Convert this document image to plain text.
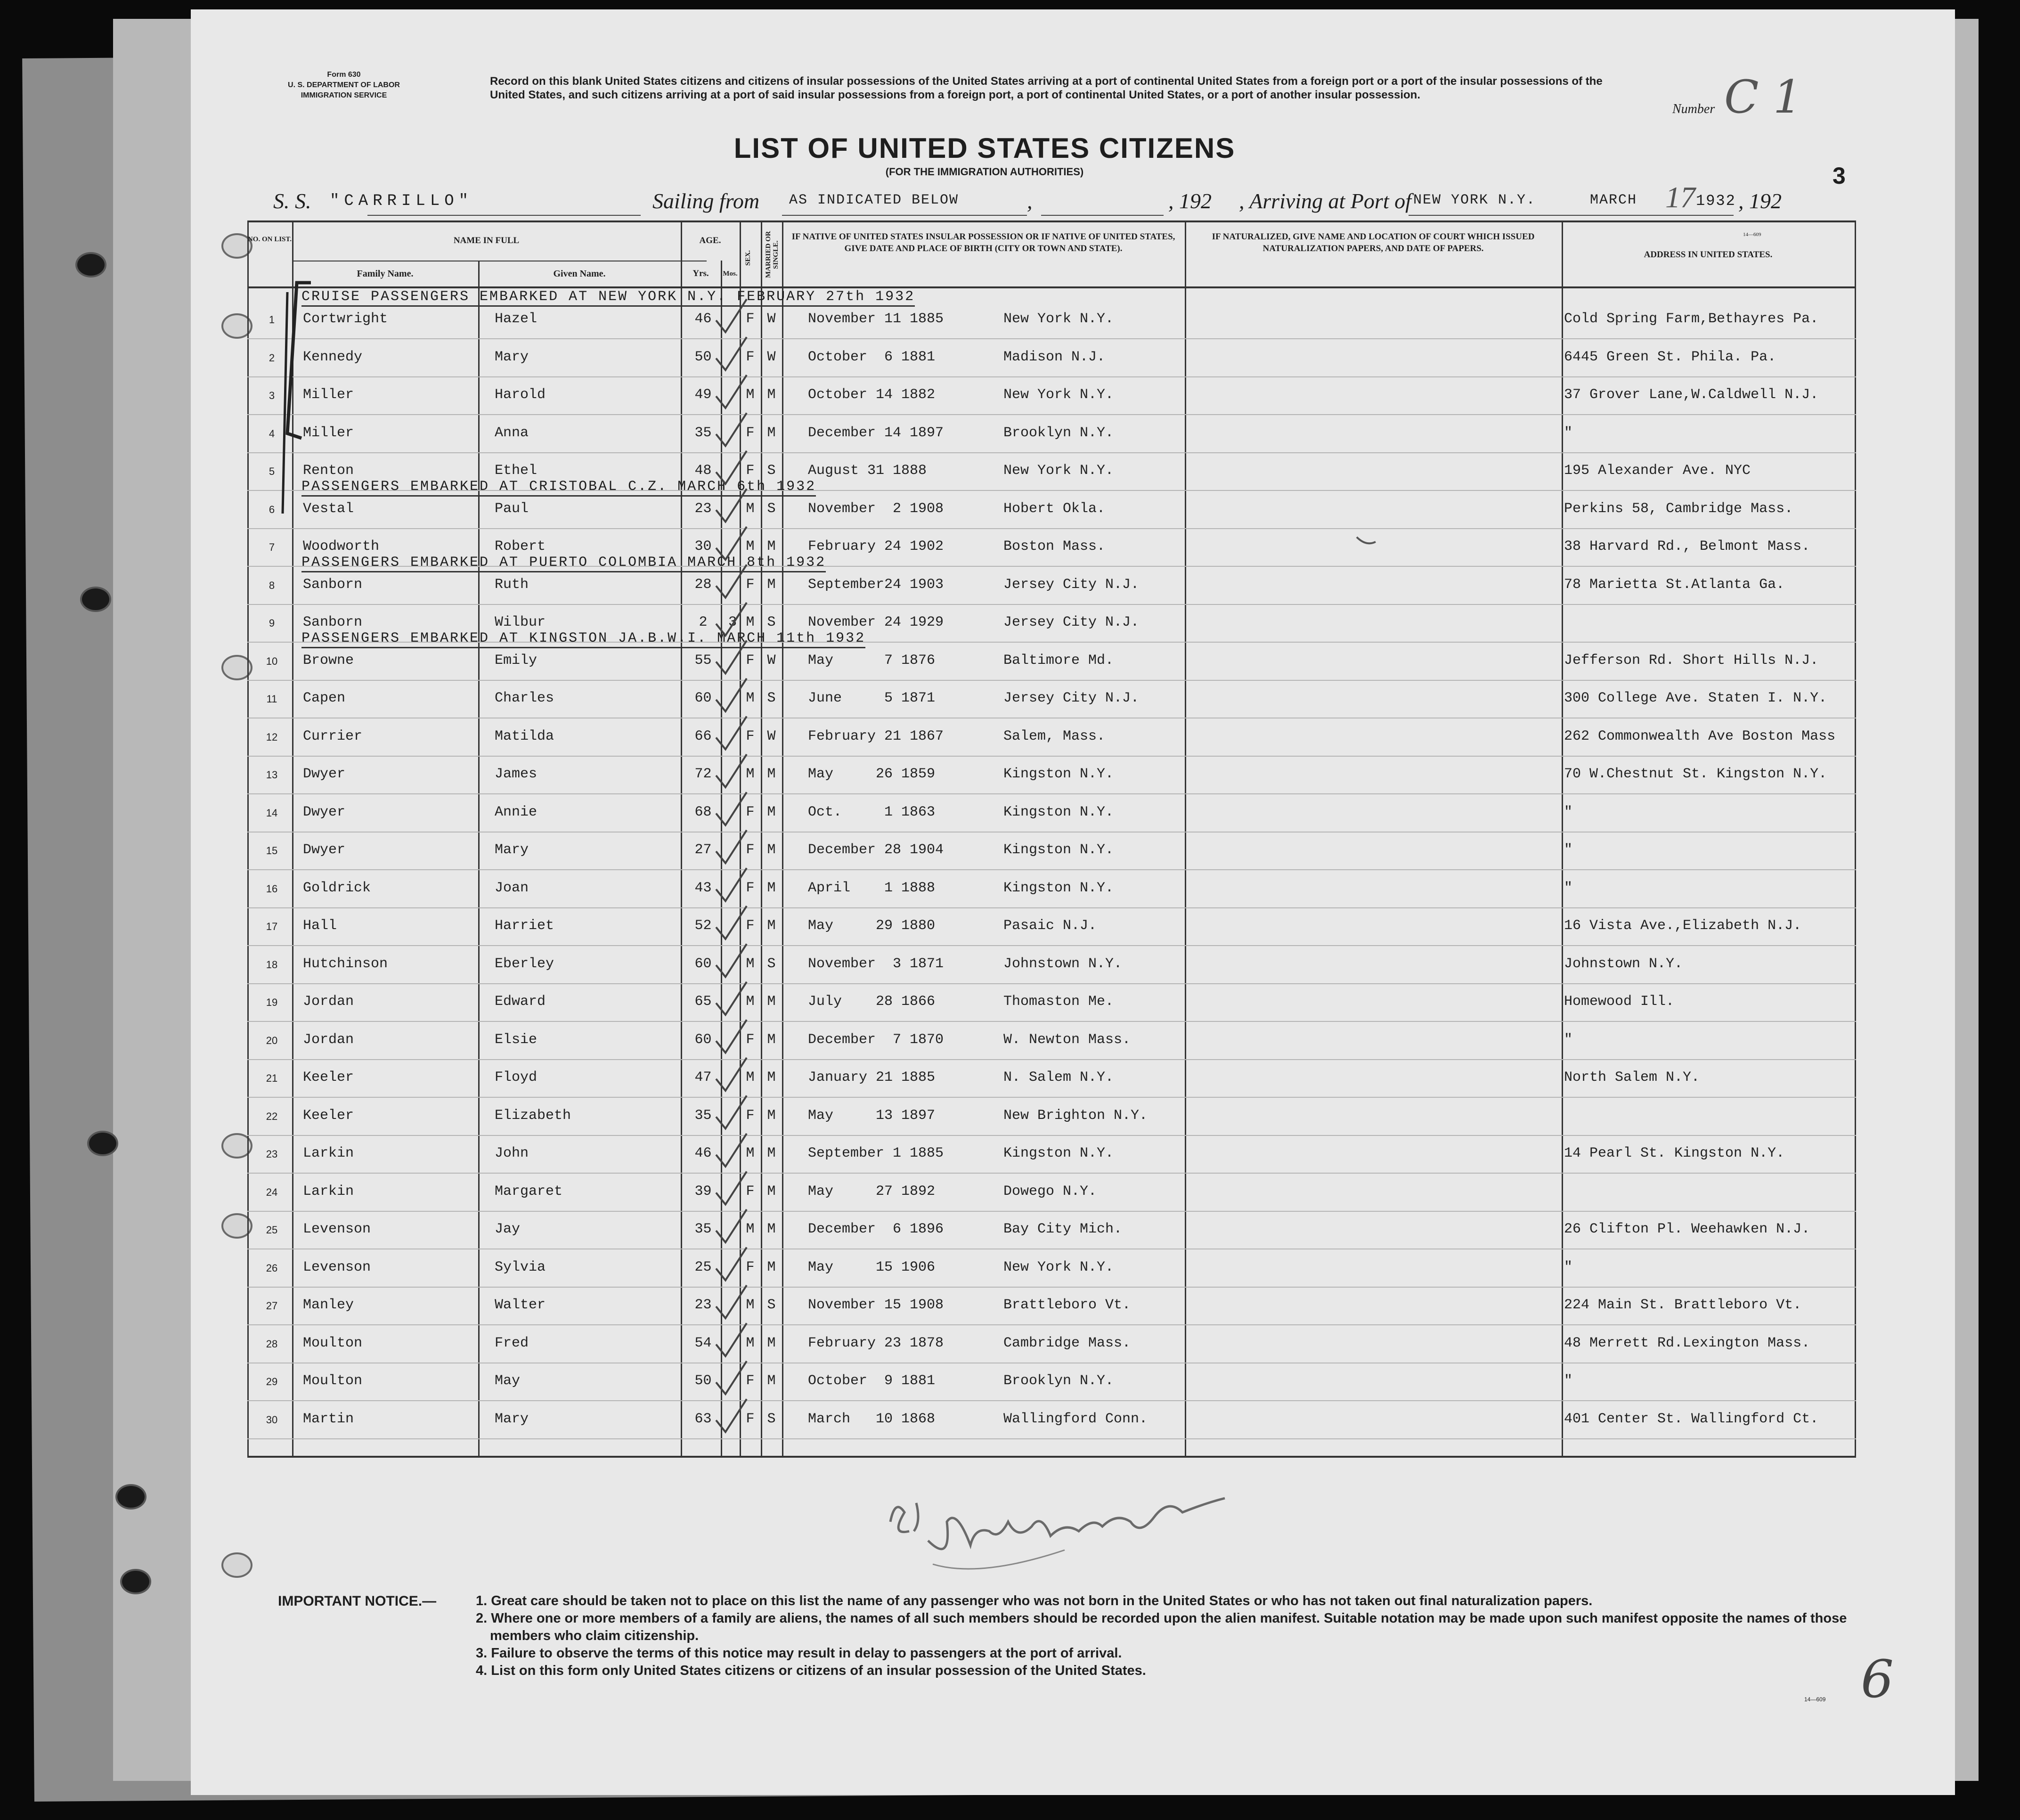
Form 630
U. S. DEPARTMENT OF LABOR
IMMIGRATION SERVICE
Record on this blank United States citizens and citizens of insular possessions of the United States arriving at a port of continental United States from a foreign port or a port of the insular possessions of the United States, and such citizens arriving at a port of said insular possessions from a foreign port, a port of continental United States, or a port of another insular possession.
Number C 1
LIST OF UNITED STATES CITIZENS
(FOR THE IMMIGRATION AUTHORITIES)	3
S. S. "CARRILLO"	Sailing from AS INDICATED BELOW	,	, 192 , Arriving at Port of NEW YORK N.Y.	MARCH 17 1932 , 192
14—609
NO. ON LIST.	NAME IN FULL
Family Name.	Given Name.
AGE.
Yrs.	Mos.
SEX.	MARRIED OR SINGLE.
IF NATIVE OF UNITED STATES INSULAR POSSESSION OR IF NATIVE OF UNITED STATES, GIVE DATE AND PLACE OF BIRTH (CITY OR TOWN AND STATE).
IF NATURALIZED, GIVE NAME AND LOCATION OF COURT WHICH ISSUED NATURALIZATION PAPERS, AND DATE OF PAPERS.
ADDRESS IN UNITED STATES.
1	Cortwright	Hazel	46	F W	November 11 1885	New York N.Y.	Cold Spring Farm,Bethayres Pa.
2	Kennedy	Mary	50	F W	October  6 1881	Madison N.J.	6445 Green St. Phila. Pa.
3	Miller	Harold	49	M M	October 14 1882	New York N.Y.	37 Grover Lane,W.Caldwell N.J.
4	Miller	Anna	35	F M	December 14 1897	Brooklyn N.Y.	"
5	Renton	Ethel	48	F S	August 31 1888	New York N.Y.	195 Alexander Ave. NYC
6	Vestal	Paul	23	M S	November  2 1908	Hobert Okla.	Perkins 58, Cambridge Mass.
7	Woodworth	Robert	30	M M	February 24 1902	Boston Mass.	38 Harvard Rd., Belmont Mass.
8	Sanborn	Ruth	28	F M	September24 1903	Jersey City N.J.	78 Marietta St.Atlanta Ga.
9	Sanborn	Wilbur	2	3 M S	November 24 1929	Jersey City N.J.
10	Browne	Emily	55	F W	May      7 1876	Baltimore Md.	Jefferson Rd. Short Hills N.J.
11	Capen	Charles	60	M S	June     5 1871	Jersey City N.J.	300 College Ave. Staten I. N.Y.
12	Currier	Matilda	66	F W	February 21 1867	Salem, Mass.	262 Commonwealth Ave Boston Mass
13	Dwyer	James	72	M M	May     26 1859	Kingston N.Y.	70 W.Chestnut St. Kingston N.Y.
14	Dwyer	Annie	68	F M	Oct.     1 1863	Kingston N.Y.	"
15	Dwyer	Mary	27	F M	December 28 1904	Kingston N.Y.	"
16	Goldrick	Joan	43	F M	April    1 1888	Kingston N.Y.	"
17	Hall	Harriet	52	F M	May     29 1880	Pasaic N.J.	16 Vista Ave.,Elizabeth N.J.
18	Hutchinson	Eberley	60	M S	November  3 1871	Johnstown N.Y.	Johnstown N.Y.
19	Jordan	Edward	65	M M	July    28 1866	Thomaston Me.	Homewood Ill.
20	Jordan	Elsie	60	F M	December  7 1870	W. Newton Mass.	"
21	Keeler	Floyd	47	M M	January 21 1885	N. Salem N.Y.	North Salem N.Y.
22	Keeler	Elizabeth	35	F M	May     13 1897	New Brighton N.Y.
23	Larkin	John	46	M M	September 1 1885	Kingston N.Y.	14 Pearl St. Kingston N.Y.
24	Larkin	Margaret	39	F M	May     27 1892	Dowego N.Y.
25	Levenson	Jay	35	M M	December  6 1896	Bay City Mich.	26 Clifton Pl. Weehawken N.J.
26	Levenson	Sylvia	25	F M	May     15 1906	New York N.Y.	"
27	Manley	Walter	23	M S	November 15 1908	Brattleboro Vt.	224 Main St. Brattleboro Vt.
28	Moulton	Fred	54	M M	February 23 1878	Cambridge Mass.	48 Merrett Rd.Lexington Mass.
29	Moulton	May	50	F M	October  9 1881	Brooklyn N.Y.	"
30	Martin	Mary	63	F S	March   10 1868	Wallingford Conn.	401 Center St. Wallingford Ct.
CRUISE PASSENGERS EMBARKED AT NEW YORK N.Y. FEBRUARY 27th 1932
PASSENGERS EMBARKED AT CRISTOBAL C.Z. MARCH 6th 1932
PASSENGERS EMBARKED AT PUERTO COLOMBIA MARCH 8th 1932
PASSENGERS EMBARKED AT KINGSTON JA.B.W.I. MARCH 11th 1932
IMPORTANT NOTICE.—	1. Great care should be taken not to place on this list the name of any passenger who was not born in the United States or who has not taken out final naturalization papers.
2. Where one or more members of a family are aliens, the names of all such members should be recorded upon the alien manifest. Suitable notation may be made upon such manifest opposite the names of those members who claim citizenship.
3. Failure to observe the terms of this notice may result in delay to passengers at the port of arrival.
4. List on this form only United States citizens or citizens of an insular possession of the United States.	6
14—609
